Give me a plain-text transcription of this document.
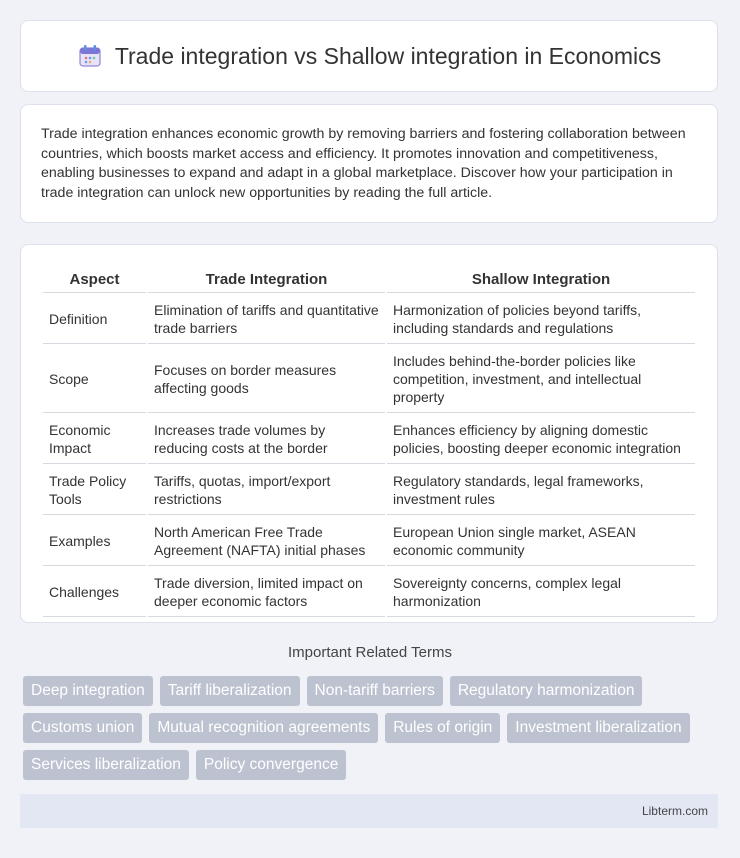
Trade integration vs Shallow integration in Economics

Trade integration enhances economic growth by removing barriers and fostering collaboration between countries, which boosts market access and efficiency. It promotes innovation and competitiveness, enabling businesses to expand and adapt in a global marketplace. Discover how your participation in trade integration can unlock new opportunities by reading the full article.

Aspect	Trade Integration	Shallow Integration
Definition	Elimination of tariffs and quantitative trade barriers	Harmonization of policies beyond tariffs, including standards and regulations
Scope	Focuses on border measures affecting goods	Includes behind-the-border policies like competition, investment, and intellectual property
Economic Impact	Increases trade volumes by reducing costs at the border	Enhances efficiency by aligning domestic policies, boosting deeper economic integration
Trade Policy Tools	Tariffs, quotas, import/export restrictions	Regulatory standards, legal frameworks, investment rules
Examples	North American Free Trade Agreement (NAFTA) initial phases	European Union single market, ASEAN economic community
Challenges	Trade diversion, limited impact on deeper economic factors	Sovereignty concerns, complex legal harmonization
Important Related Terms
Deep integration	Tariff liberalization	Non-tariff barriers	Regulatory harmonization
Customs union	Mutual recognition agreements	Rules of origin	Investment liberalization
Services liberalization	Policy convergence
Libterm.com
